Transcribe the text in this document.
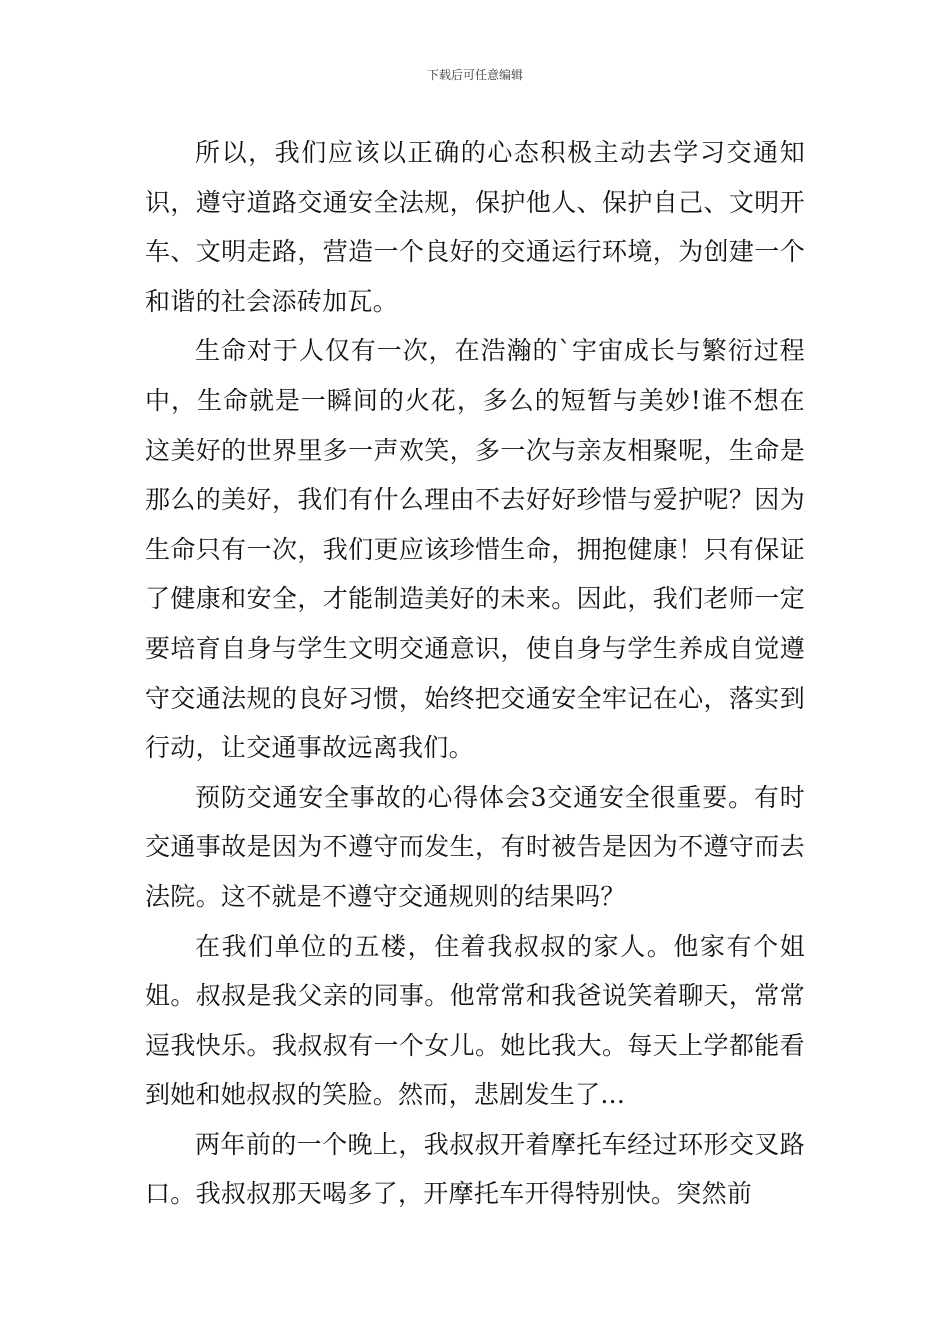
下载后可任意编辑

所以，我们应该以正确的心态积极主动去学习交通知识，遵守道路交通安全法规，保护他人、保护自己、文明开车、文明走路，营造一个良好的交通运行环境，为创建一个和谐的社会添砖加瓦。

生命对于人仅有一次，在浩瀚的`宇宙成长与繁衍过程中，生命就是一瞬间的火花，多么的短暂与美妙!谁不想在这美好的世界里多一声欢笑，多一次与亲友相聚呢，生命是那么的美好，我们有什么理由不去好好珍惜与爱护呢？因为生命只有一次，我们更应该珍惜生命，拥抱健康！只有保证了健康和安全，才能制造美好的未来。因此，我们老师一定要培育自身与学生文明交通意识，使自身与学生养成自觉遵守交通法规的良好习惯，始终把交通安全牢记在心，落实到行动，让交通事故远离我们。

预防交通安全事故的心得体会3交通安全很重要。有时交通事故是因为不遵守而发生，有时被告是因为不遵守而去法院。这不就是不遵守交通规则的结果吗？

在我们单位的五楼，住着我叔叔的家人。他家有个姐姐。叔叔是我父亲的同事。他常常和我爸说笑着聊天，常常逗我快乐。我叔叔有一个女儿。她比我大。每天上学都能看到她和她叔叔的笑脸。然而，悲剧发生了...

两年前的一个晚上，我叔叔开着摩托车经过环形交叉路口。我叔叔那天喝多了，开摩托车开得特别快。突然前
